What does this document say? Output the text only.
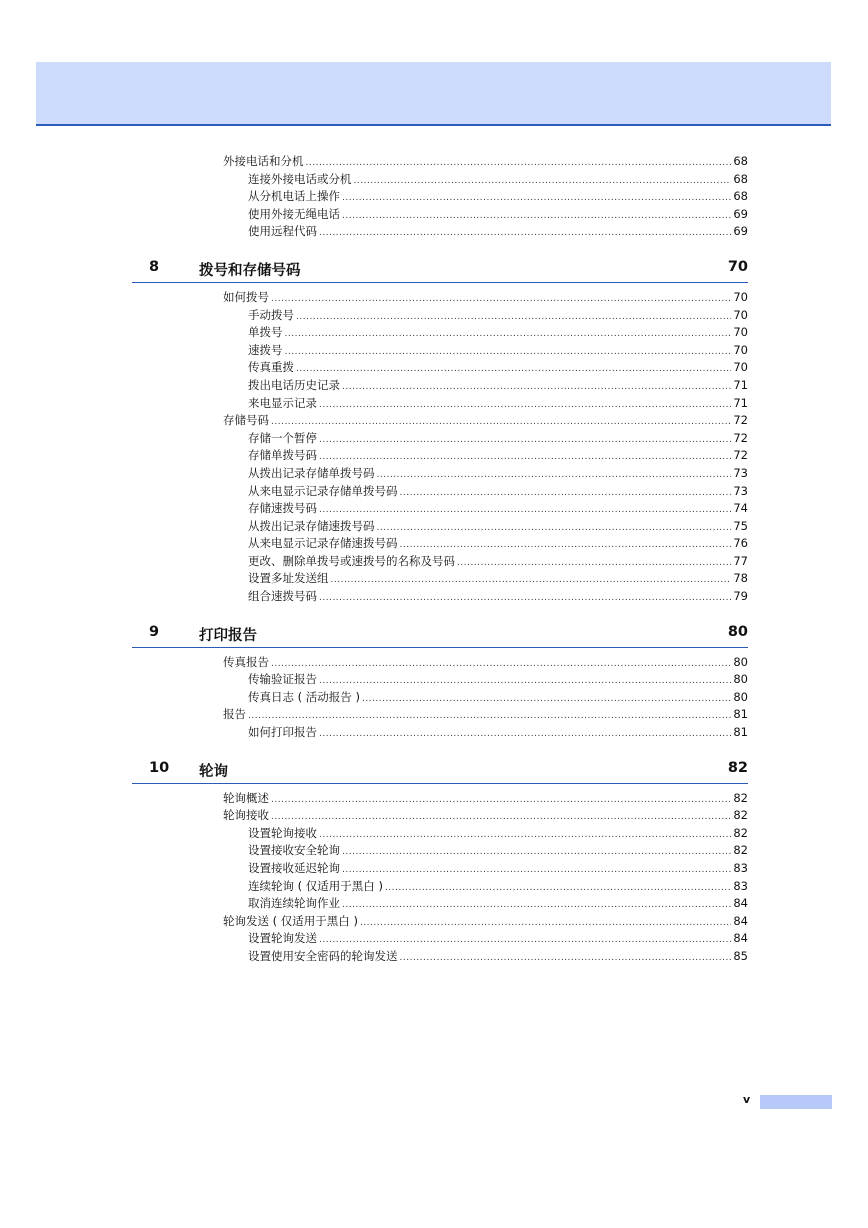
外接电话和分机 .....	68
连接外接电话或分机 .....	68
从分机电话上操作 .....	68
使用外接无绳电话 .....	69
使用远程代码 .....	69
8	拨号和存储号码	70
如何拨号 .....	70
手动拨号 .....	70
单拨号 .....	70
速拨号 .....	70
传真重拨 .....	70
拨出电话历史记录 .....	71
来电显示记录 .....	71
存储号码 .....	72
存储一个暂停 .....	72
存储单拨号码 .....	72
从拨出记录存储单拨号码 .....	73
从来电显示记录存储单拨号码 .....	73
存储速拨号码 .....	74
从拨出记录存储速拨号码 .....	75
从来电显示记录存储速拨号码 .....	76
更改、删除单拨号或速拨号的名称及号码 .....	77
设置多址发送组 .....	78
组合速拨号码 .....	79
9	打印报告	80
传真报告 .....	80
传输验证报告 .....	80
传真日志 ( 活动报告 ) .....	80
报告 .....	81
如何打印报告 .....	81
10 轮询	82
轮询概述 .....	82
轮询接收 .....	82
设置轮询接收 .....	82
设置接收安全轮询 .....	82
设置接收延迟轮询 .....	83
连续轮询 ( 仅适用于黑白 ) .....	83
取消连续轮询作业 .....	84
轮询发送 ( 仅适用于黑白 ) .....	84
设置轮询发送 .....	84
设置使用安全密码的轮询发送 .....	85
v
